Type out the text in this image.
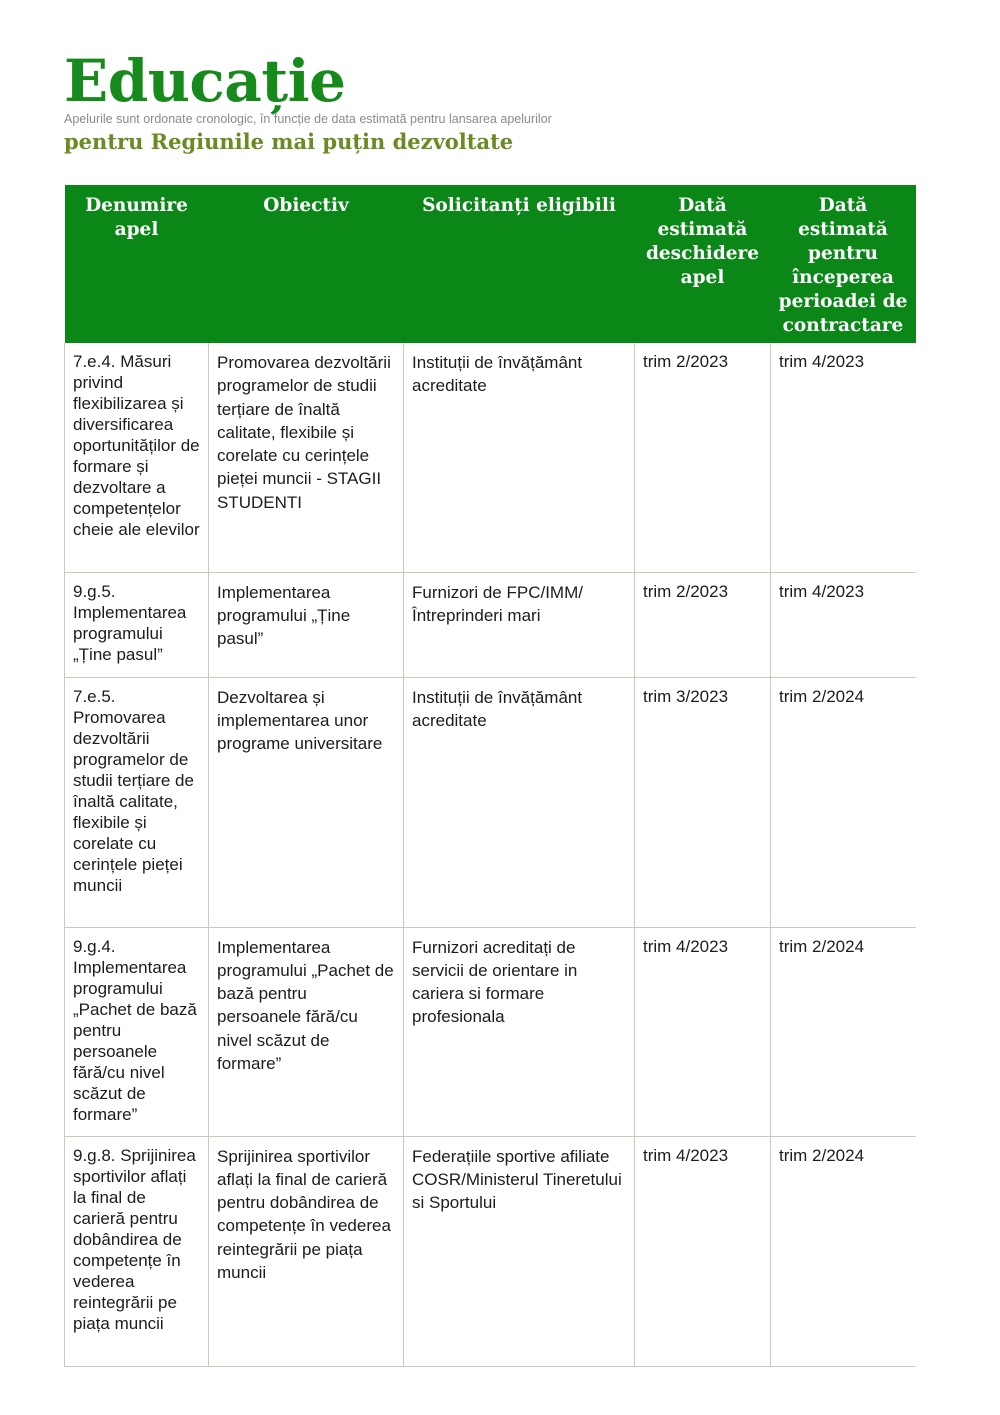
Educație
Apelurile sunt ordonate cronologic, în funcție de data estimată pentru lansarea apelurilor
pentru Regiunile mai puțin dezvoltate
Denumire apel	Obiectiv	Solicitanți eligibili	Dată estimată deschidere apel	Dată estimată pentru începerea perioadei de contractare
7.e.4. Măsuri privind flexibilizarea și diversificarea oportunităților de formare și dezvoltare a competențelor cheie ale elevilor	Promovarea dezvoltării programelor de studii terțiare de înaltă calitate, flexibile și corelate cu cerințele pieței muncii - STAGII STUDENTI	Instituții de învățământ acreditate	trim 2/2023	trim 4/2023
9.g.5. Implementarea programului „Ține pasul”	Implementarea programului „Ține pasul”	Furnizori de FPC/IMM/ Întreprinderi mari	trim 2/2023	trim 4/2023
7.e.5. Promovarea dezvoltării programelor de studii terțiare de înaltă calitate, flexibile și corelate cu cerințele pieței muncii	Dezvoltarea și implementarea unor programe universitare	Instituții de învățământ acreditate	trim 3/2023	trim 2/2024
9.g.4. Implementarea programului „Pachet de bază pentru persoanele fără/cu nivel scăzut de formare”	Implementarea programului „Pachet de bază pentru persoanele fără/cu nivel scăzut de formare”	Furnizori acreditați de servicii de orientare in cariera si formare profesionala	trim 4/2023	trim 2/2024
9.g.8. Sprijinirea sportivilor aflați la final de carieră pentru dobândirea de competențe în vederea reintegrării pe piața muncii	Sprijinirea sportivilor aflați la final de carieră pentru dobândirea de competențe în vederea reintegrării pe piața muncii	Federațiile sportive afiliate COSR/Ministerul Tineretului si Sportului	trim 4/2023	trim 2/2024
